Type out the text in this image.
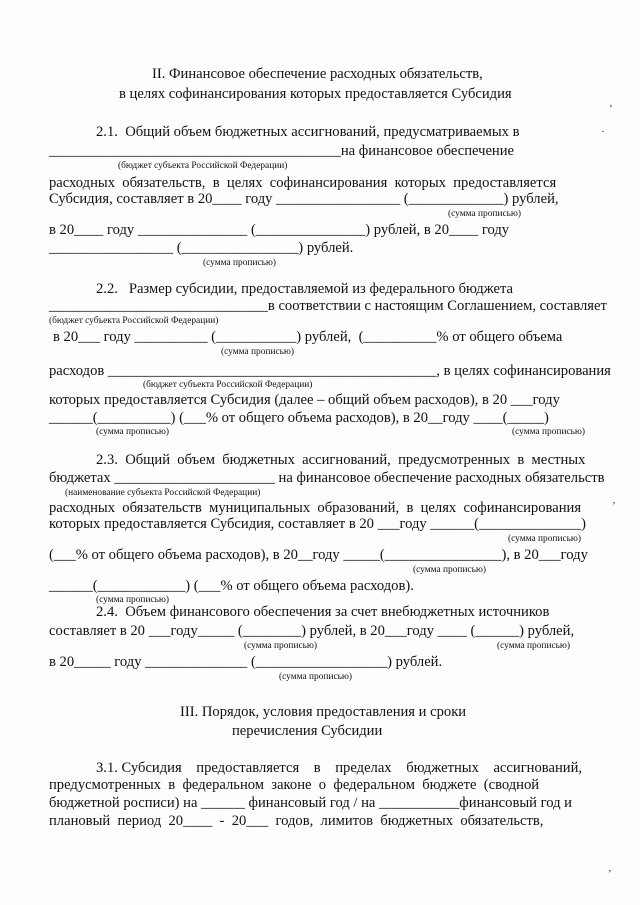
II. Финансовое обеспечение расходных обязательств,
в целях софинансирования которых предоставляется Субсидия
2.1.  Общий объем бюджетных ассигнований, предусматриваемых в
________________________________________на финансовое обеспечение
(бюджет субъекта Российской Федерации)
расходных  обязательств,  в  целях  софинансирования  которых  предоставляется
Субсидия, составляет в 20____ году _________________ (_____________) рублей,
(сумма прописью)
в 20____ году _______________ (_______________) рублей, в 20____ году
_________________ (________________) рублей.
(сумма прописью)
2.2.   Размер субсидии, предоставляемой из федерального бюджета
______________________________в соответствии с настоящим Соглашением, составляет
(бюджет субъекта Российской Федерации)
в 20___ году __________ (___________) рублей,  (__________% от общего объема
(сумма прописью)
расходов _____________________________________________, в целях софинансирования
(бюджет субъекта Российской Федерации)
которых предоставляется Субсидия (далее – общий объем расходов), в 20 ___году
______(__________) (___% от общего объема расходов), в 20__году ____(_____)
(сумма прописью)	(сумма прописью)
2.3.  Общий  объем  бюджетных  ассигнований,  предусмотренных  в  местных
бюджетах ______________________ на финансовое обеспечение расходных обязательств
(наименование субъекта Российской Федерации)
расходных  обязательств  муниципальных  образований,  в  целях  софинансирования
которых предоставляется Субсидия, составляет в 20 ___году ______(______________)
(сумма прописью)
(___% от общего объема расходов), в 20__году _____(________________), в 20___году
(сумма прописью)
______(____________) (___% от общего объема расходов).
(сумма прописью)
2.4.  Объем финансового обеспечения за счет внебюджетных источников
составляет в 20 ___году_____ (________) рублей, в 20___году ____ (______) рублей,
(сумма прописью)	(сумма прописью)
в 20_____ году ______________ (__________________) рублей.
(сумма прописью)
III. Порядок, условия предоставления и сроки
перечисления Субсидии
3.1. Субсидия    предоставляется    в    пределах    бюджетных    ассигнований,
предусмотренных  в  федеральном  законе  о  федеральном  бюджете  (сводной
бюджетной росписи) на ______ финансовый год / на ___________финансовый год и
плановый  период  20____  -  20___  годов,  лимитов  бюджетных  обязательств,
ʼ
·
ʼ
ʼ
